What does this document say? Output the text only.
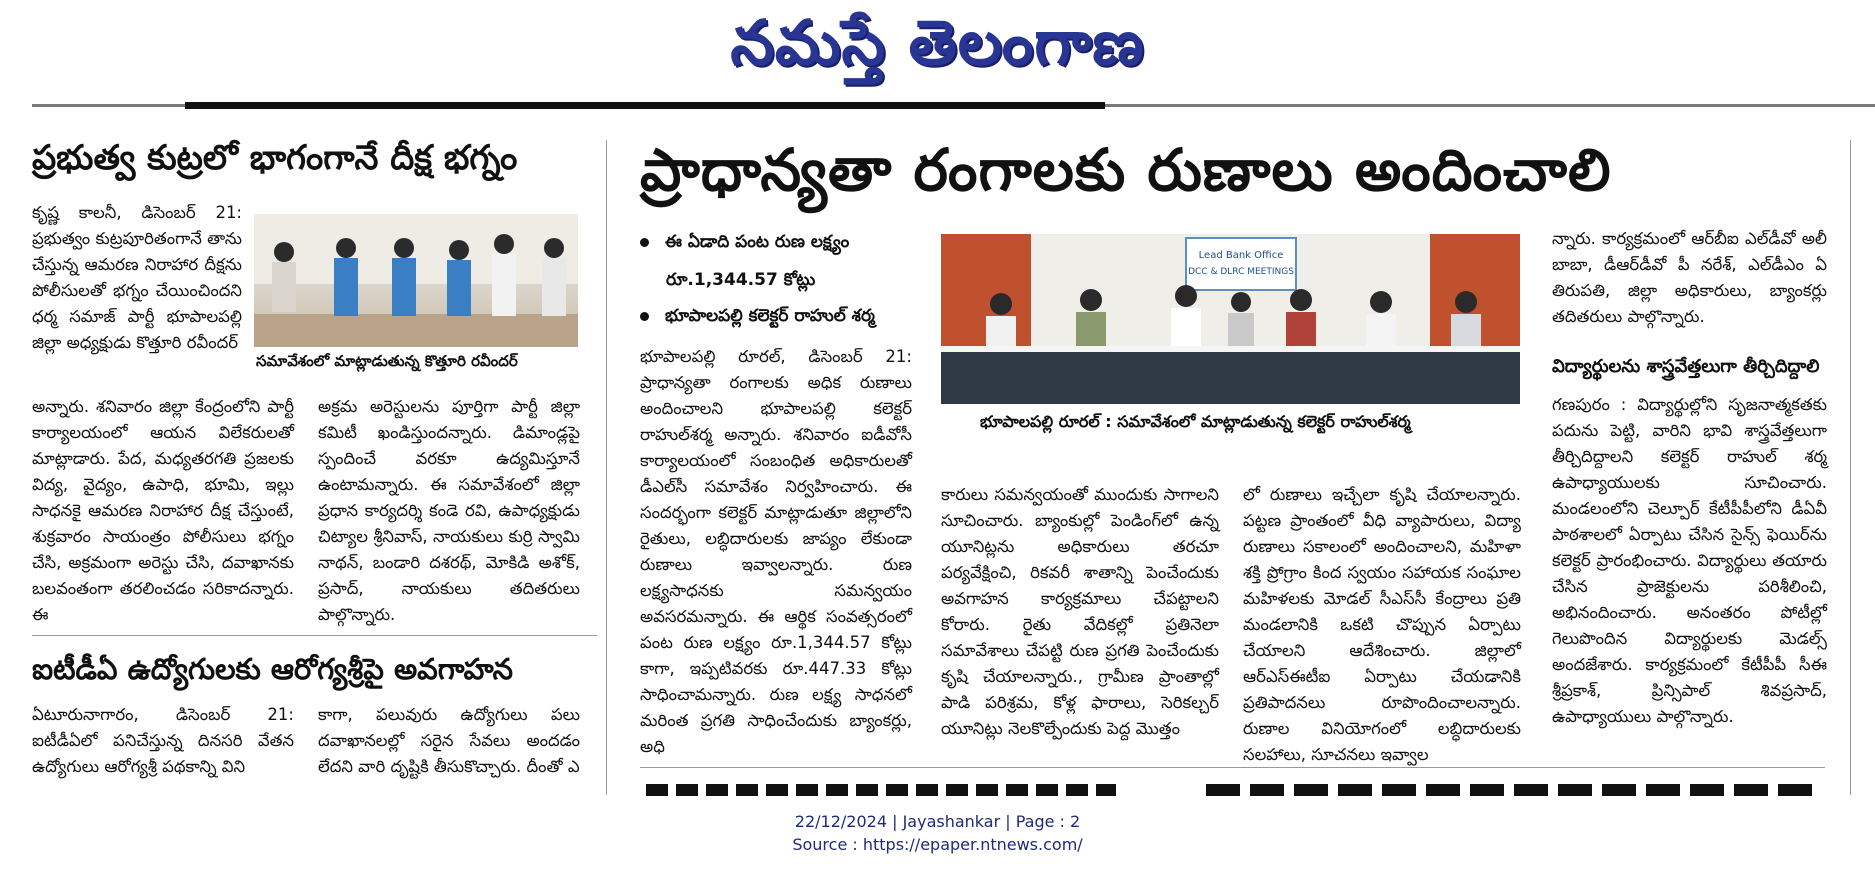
నమస్తే తెలంగాణ
ప్రభుత్వ కుట్రలో భాగంగానే దీక్ష భగ్నం
కృష్ణ కాలనీ, డిసెంబర్ 21: ప్రభుత్వం కుట్రపూరితంగానే తాను చేస్తున్న ఆమరణ నిరాహార దీక్షను పోలీసులతో భగ్నం చేయించిందని ధర్మ సమాజ్ పార్టీ భూపాలపల్లి జిల్లా అధ్యక్షుడు కొత్తూరి రవీందర్
సమావేశంలో మాట్లాడుతున్న కొత్తూరి రవీందర్
అన్నారు. శనివారం జిల్లా కేంద్రంలోని పార్టీ కార్యాలయంలో ఆయన విలేకరులతో మాట్లాడారు. పేద, మధ్యతరగతి ప్రజలకు విద్య, వైద్యం, ఉపాధి, భూమి, ఇల్లు సాధనకై ఆమరణ నిరాహార దీక్ష చేస్తుంటే, శుక్రవారం సాయంత్రం పోలీసులు భగ్నం చేసి, అక్రమంగా అరెస్టు చేసి, దవాఖానకు బలవంతంగా తరలించడం సరికాదన్నారు. ఈ
అక్రమ అరెస్టులను పూర్తిగా పార్టీ జిల్లా కమిటీ ఖండిస్తుందన్నారు. డిమాండ్లపై స్పందించే వరకూ ఉద్యమిస్తూనే ఉంటామన్నారు. ఈ సమావేశంలో జిల్లా ప్రధాన కార్యదర్శి కండె రవి, ఉపాధ్యక్షుడు చిట్యాల శ్రీనివాస్, నాయకులు కుర్రి స్వామి నాథన్, బండారి దశరథ్, మోకిడి అశోక్, ప్రసాద్, నాయకులు తదితరులు పాల్గొన్నారు.
ఐటీడీఏ ఉద్యోగులకు ఆరోగ్యశ్రీపై అవగాహన
ఏటూరునాగారం, డిసెంబర్ 21: ఐటీడీఏలో పనిచేస్తున్న దినసరి వేతన ఉద్యోగులు ఆరోగ్యశ్రీ పథకాన్ని విని
కాగా, పలువురు ఉద్యోగులు పలు దవాఖానలల్లో సరైన సేవలు అందడం లేదని వారి దృష్టికి తీసుకొచ్చారు. దీంతో ఎ
ప్రాధాన్యతా రంగాలకు రుణాలు అందించాలి
ఈ ఏడాది పంట రుణ లక్ష్యం
రూ.1,344.57 కోట్లు
భూపాలపల్లి కలెక్టర్ రాహుల్ శర్మ
భూపాలపల్లి రూరల్, డిసెంబర్ 21: ప్రాధాన్యతా రంగాలకు అధిక రుణాలు అందించాలని భూపాలపల్లి కలెక్టర్ రాహుల్‌శర్మ అన్నారు. శనివారం ఐడీవోసీ కార్యాలయంలో సంబంధిత అధికారులతో డీఎల్‌సీ సమావేశం నిర్వహించారు. ఈ సందర్భంగా కలెక్టర్ మాట్లాడుతూ జిల్లాలోని రైతులు, లబ్ధిదారులకు జాప్యం లేకుండా రుణాలు ఇవ్వాలన్నారు. రుణ లక్ష్యసాధనకు సమన్వయం అవసరమన్నారు. ఈ ఆర్థిక సంవత్సరంలో పంట రుణ లక్ష్యం రూ.1,344.57 కోట్లు కాగా, ఇప్పటివరకు రూ.447.33 కోట్లు సాధించామన్నారు. రుణ లక్ష్య సాధనలో మరింత ప్రగతి సాధించేందుకు బ్యాంకర్లు, అధి
Lead Bank Office
DCC & DLRC MEETINGS
భూపాలపల్లి రూరల్ : సమావేశంలో మాట్లాడుతున్న కలెక్టర్ రాహుల్‌శర్మ
కారులు సమన్వయంతో ముందుకు సాగాలని సూచించారు. బ్యాంకుల్లో పెండింగ్‌లో ఉన్న యూనిట్లను అధికారులు తరచూ పర్యవేక్షించి, రికవరీ శాతాన్ని పెంచేందుకు అవగాహన కార్యక్రమాలు చేపట్టాలని కోరారు. రైతు వేదికల్లో ప్రతినెలా సమావేశాలు చేపట్టి రుణ ప్రగతి పెంచేందుకు కృషి చేయాలన్నారు., గ్రామీణ ప్రాంతాల్లో పాడి పరిశ్రమ, కోళ్ల ఫారాలు, సెరికల్చర్ యూనిట్లు నెలకొల్పేందుకు పెద్ద మొత్తం
లో రుణాలు ఇచ్చేలా కృషి చేయాలన్నారు. పట్టణ ప్రాంతంలో వీధి వ్యాపారులు, విద్యా రుణాలు సకాలంలో అందించాలని, మహిళా శక్తి ప్రోగ్రాం కింద స్వయం సహాయక సంఘాల మహిళలకు మోడల్ సీఎస్‌సీ కేంద్రాలు ప్రతి మండలానికి ఒకటి చొప్పున ఏర్పాటు చేయాలని ఆదేశించారు. జిల్లాలో ఆర్‌ఎస్ఈటీఐ ఏర్పాటు చేయడానికి ప్రతిపాదనలు రూపొందించాలన్నారు. రుణాల వినియోగంలో లబ్ధిదారులకు సలహాలు, సూచనలు ఇవ్వాల
న్నారు. కార్యక్రమంలో ఆర్‌బీఐ ఎల్‌డీవో అలీ బాబా, డీఆర్‌డీవో పీ నరేశ్, ఎల్‌డీఎం ఏ తిరుపతి, జిల్లా అధికారులు, బ్యాంకర్లు తదితరులు పాల్గొన్నారు.
విద్యార్థులను శాస్త్రవేత్తలుగా తీర్చిదిద్దాలి
గణపురం : విద్యార్థుల్లోని సృజనాత్మకతకు పదును పెట్టి, వారిని భావి శాస్త్రవేత్తలుగా తీర్చిదిద్దాలని కలెక్టర్ రాహుల్ శర్మ ఉపాధ్యాయులకు సూచించారు. మండలంలోని చెల్పూర్ కేటీపీపీలోని డీఏవీ పాఠశాలలో ఏర్పాటు చేసిన సైన్స్ ఫెయిర్‌ను కలెక్టర్ ప్రారంభించారు. విద్యార్థులు తయారు చేసిన ప్రాజెక్టులను పరిశీలించి, అభినందించారు. అనంతరం పోటీల్లో గెలుపొందిన విద్యార్థులకు మెడల్స్ అందజేశారు. కార్యక్రమంలో కేటీపీపీ సీఈ శ్రీప్రకాశ్, ప్రిన్సిపాల్ శివప్రసాద్, ఉపాధ్యాయులు పాల్గొన్నారు.
22/12/2024 | Jayashankar | Page : 2
Source : https://epaper.ntnews.com/
